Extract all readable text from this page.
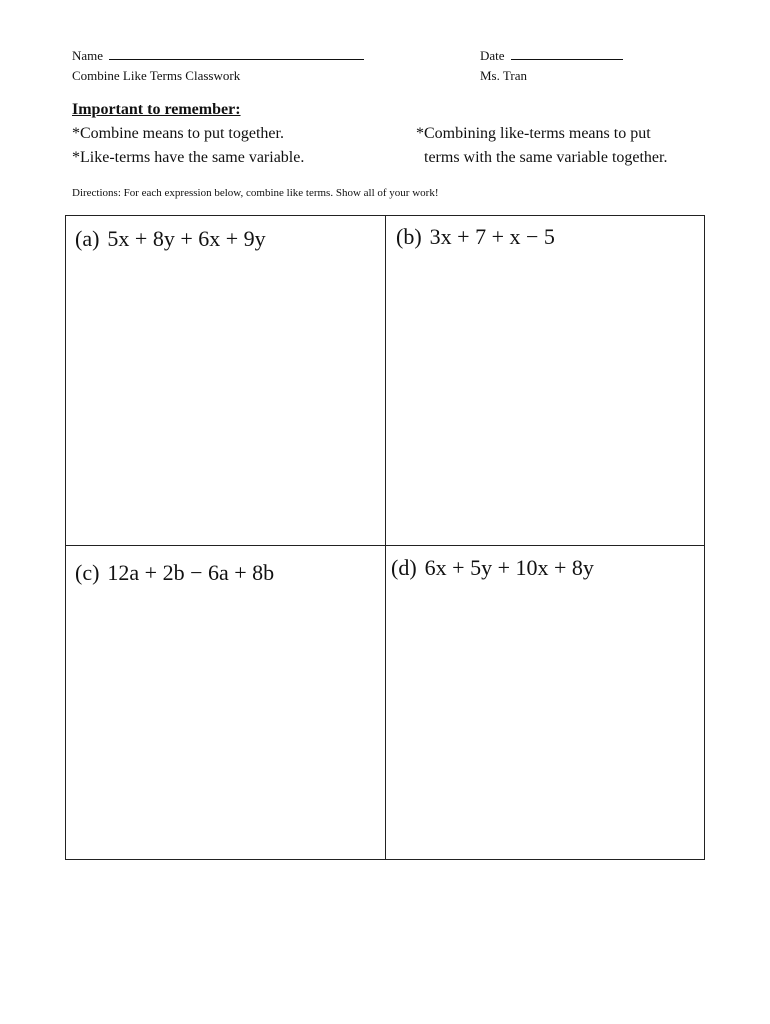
Name	Date
Combine Like Terms Classwork	Ms. Tran
Important to remember:
*Combine means to put together.	*Combining like-terms means to put
*Like-terms have the same variable.	terms with the same variable together.
Directions: For each expression below, combine like terms. Show all of your work!
(a) 5x + 8y + 6x + 9y	(b) 3x + 7 + x − 5
(c) 12a + 2b − 6a + 8b	(d) 6x + 5y + 10x + 8y
